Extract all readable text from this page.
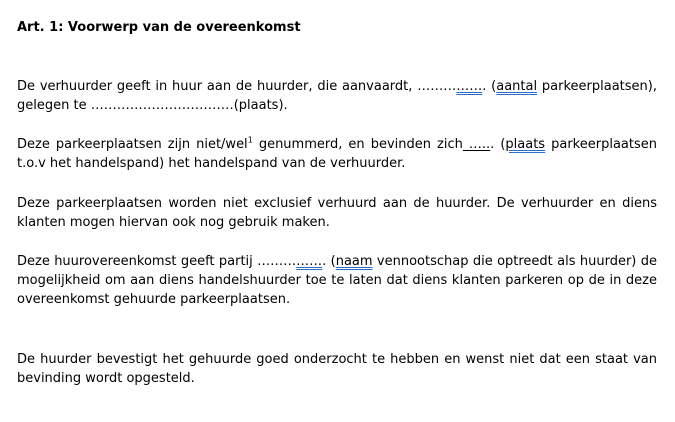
Art. 1: Voorwerp van de overeenkomst
De verhuurder geeft in huur aan de huurder, die aanvaardt, ……………. (aantal parkeerplaatsen), gelegen te ……………………………(plaats).
Deze parkeerplaatsen zijn niet/wel$^1$ genummerd, en bevinden zich …... (plaats parkeerplaatsen t.o.v het handelspand) het handelspand van de verhuurder.
Deze parkeerplaatsen worden niet exclusief verhuurd aan de huurder. De verhuurder en diens klanten mogen hiervan ook nog gebruik maken.
Deze huurovereenkomst geeft partij ……………. (naam vennootschap die optreedt als huurder) de mogelijkheid om aan diens handelshuurder toe te laten dat diens klanten parkeren op de in deze overeenkomst gehuurde parkeerplaatsen.
De huurder bevestigt het gehuurde goed onderzocht te hebben en wenst niet dat een staat van bevinding wordt opgesteld.
